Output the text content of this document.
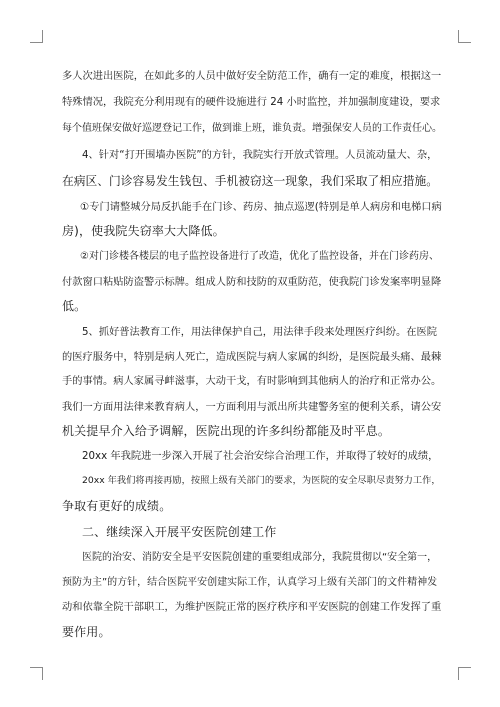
多人次进出医院，在如此多的人员中做好安全防范工作，确有一定的难度，根据这一
特殊情况，我院充分利用现有的硬件设施进行 24 小时监控，并加强制度建设，要求
每个值班保安做好巡逻登记工作，做到谁上班，谁负责。增强保安人员的工作责任心。
4、针对“打开围墙办医院”的方针，我院实行开放式管理。人员流动量大、杂，
在病区、门诊容易发生钱包、手机被窃这一现象，我们采取了相应措施。
①专门请整城分局反扒能手在门诊、药房、抽点巡逻(特别是单人病房和电梯口病
房)，使我院失窃率大大降低。
②对门诊楼各楼层的电子监控设备进行了改造，优化了监控设备，并在门诊药房、
付款窗口粘贴防盗警示标牌。组成人防和技防的双重防范，使我院门诊发案率明显降
低。
5、抓好普法教育工作，用法律保护自己，用法律手段来处理医疗纠纷。在医院
的医疗服务中，特别是病人死亡，造成医院与病人家属的纠纷，是医院最头痛、最棘
手的事情。病人家属寻衅滋事，大动干戈，有时影响到其他病人的治疗和正常办公。
我们一方面用法律来教育病人，一方面利用与派出所共建警务室的便利关系，请公安
机关提早介入给予调解，医院出现的许多纠纷都能及时平息。
20xx 年我院进一步深入开展了社会治安综合治理工作，并取得了较好的成绩，
20xx 年我们将再接再励，按照上级有关部门的要求，为医院的安全尽职尽责努力工作，
争取有更好的成绩。
二、继续深入开展平安医院创建工作
医院的治安、消防安全是平安医院创建的重要组成部分，我院贯彻以“安全第一，
预防为主”的方针，结合医院平安创建实际工作，认真学习上级有关部门的文件精神发
动和依靠全院干部职工，为维护医院正常的医疗秩序和平安医院的创建工作发挥了重
要作用。
